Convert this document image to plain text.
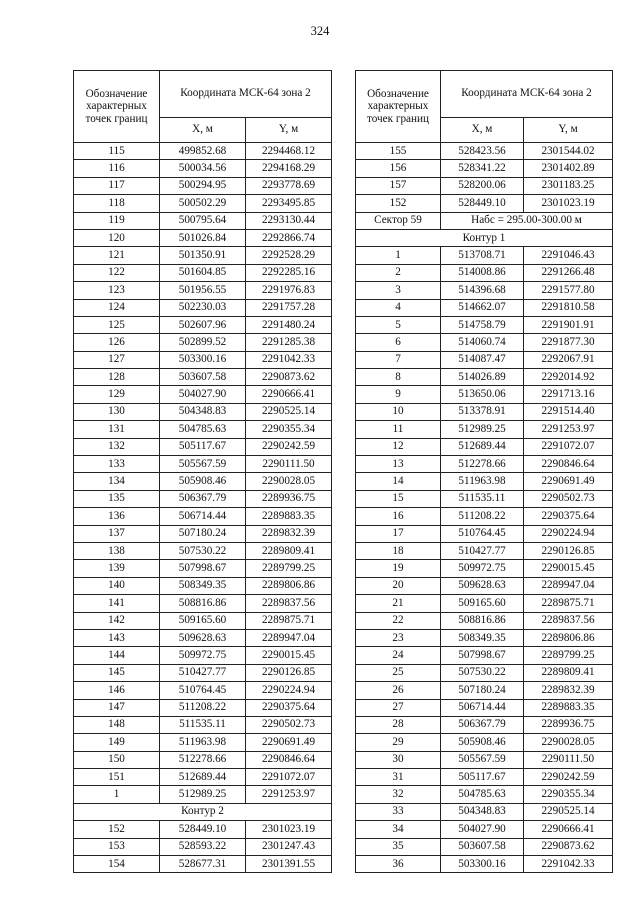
324
Обозначение характерных точек границ	Координата МСК-64 зона 2	
	X, м	Y, м
115	499852.68	2294468.12
116	500034.56	2294168.29
117	500294.95	2293778.69
118	500502.29	2293495.85
119	500795.64	2293130.44
120	501026.84	2292866.74
121	501350.91	2292528.29
122	501604.85	2292285.16
123	501956.55	2291976.83
124	502230.03	2291757.28
125	502607.96	2291480.24
126	502899.52	2291285.38
127	503300.16	2291042.33
128	503607.58	2290873.62
129	504027.90	2290666.41
130	504348.83	2290525.14
131	504785.63	2290355.34
132	505117.67	2290242.59
133	505567.59	2290111.50
134	505908.46	2290028.05
135	506367.79	2289936.75
136	506714.44	2289883.35
137	507180.24	2289832.39
138	507530.22	2289809.41
139	507998.67	2289799.25
140	508349.35	2289806.86
141	508816.86	2289837.56
142	509165.60	2289875.71
143	509628.63	2289947.04
144	509972.75	2290015.45
145	510427.77	2290126.85
146	510764.45	2290224.94
147	511208.22	2290375.64
148	511535.11	2290502.73
149	511963.98	2290691.49
150	512278.66	2290846.64
151	512689.44	2291072.07
1	512989.25	2291253.97
Контур 2		
152	528449.10	2301023.19
153	528593.22	2301247.43
154	528677.31	2301391.55
Обозначение характерных точек границ	Координата МСК-64 зона 2	
	X, м	Y, м
155	528423.56	2301544.02
156	528341.22	2301402.89
157	528200.06	2301183.25
152	528449.10	2301023.19
Сектор 59	Набс = 295.00-300.00 м	
Контур 1		
1	513708.71	2291046.43
2	514008.86	2291266.48
3	514396.68	2291577.80
4	514662.07	2291810.58
5	514758.79	2291901.91
6	514060.74	2291877.30
7	514087.47	2292067.91
8	514026.89	2292014.92
9	513650.06	2291713.16
10	513378.91	2291514.40
11	512989.25	2291253.97
12	512689.44	2291072.07
13	512278.66	2290846.64
14	511963.98	2290691.49
15	511535.11	2290502.73
16	511208.22	2290375.64
17	510764.45	2290224.94
18	510427.77	2290126.85
19	509972.75	2290015.45
20	509628.63	2289947.04
21	509165.60	2289875.71
22	508816.86	2289837.56
23	508349.35	2289806.86
24	507998.67	2289799.25
25	507530.22	2289809.41
26	507180.24	2289832.39
27	506714.44	2289883.35
28	506367.79	2289936.75
29	505908.46	2290028.05
30	505567.59	2290111.50
31	505117.67	2290242.59
32	504785.63	2290355.34
33	504348.83	2290525.14
34	504027.90	2290666.41
35	503607.58	2290873.62
36	503300.16	2291042.33
